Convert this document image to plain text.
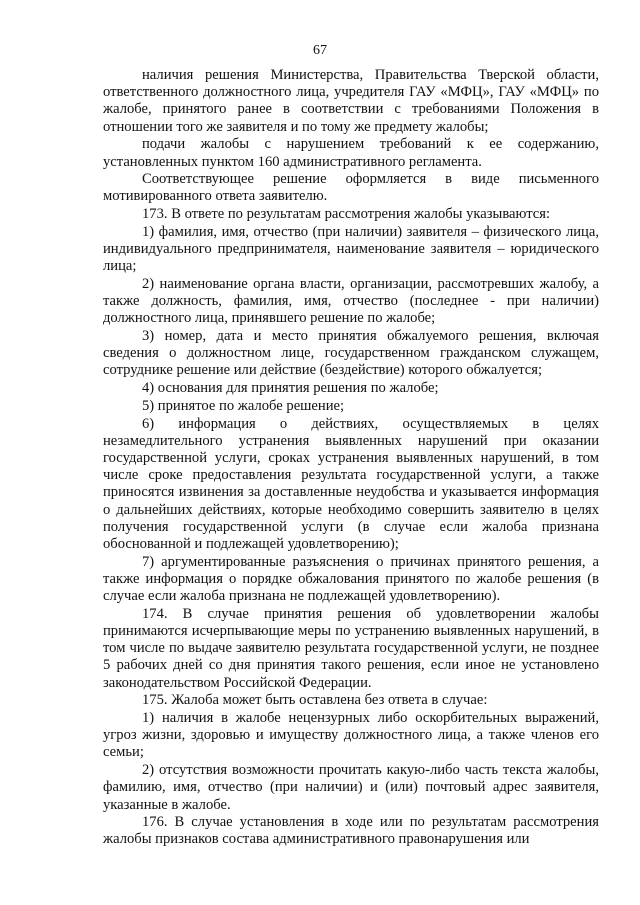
67

наличия решения Министерства, Правительства Тверской области, ответственного должностного лица, учредителя ГАУ «МФЦ», ГАУ «МФЦ» по жалобе, принятого ранее в соответствии с требованиями Положения в отношении того же заявителя и по тому же предмету жалобы;

подачи жалобы с нарушением требований к ее содержанию, установленных пунктом 160 административного регламента.

Соответствующее решение оформляется в виде письменного мотивированного ответа заявителю.

173. В ответе по результатам рассмотрения жалобы указываются:

1) фамилия, имя, отчество (при наличии) заявителя – физического лица, индивидуального предпринимателя, наименование заявителя – юридического лица;

2) наименование органа власти, организации, рассмотревших жалобу, а также должность, фамилия, имя, отчество (последнее - при наличии) должностного лица, принявшего решение по жалобе;

3) номер, дата и место принятия обжалуемого решения, включая сведения о должностном лице, государственном гражданском служащем, сотруднике решение или действие (бездействие) которого обжалуется;

4) основания для принятия решения по жалобе;

5) принятое по жалобе решение;

6) информация о действиях, осуществляемых в целях незамедлительного устранения выявленных нарушений при оказании государственной услуги, сроках устранения выявленных нарушений, в том числе сроке предоставления результата государственной услуги, а также приносятся извинения за доставленные неудобства и указывается информация о дальнейших действиях, которые необходимо совершить заявителю в целях получения государственной услуги (в случае если жалоба признана обоснованной и подлежащей удовлетворению);

7) аргументированные разъяснения о причинах принятого решения, а также информация о порядке обжалования принятого по жалобе решения (в случае если жалоба признана не подлежащей удовлетворению).

174. В случае принятия решения об удовлетворении жалобы принимаются исчерпывающие меры по устранению выявленных нарушений, в том числе по выдаче заявителю результата государственной услуги, не позднее 5 рабочих дней со дня принятия такого решения, если иное не установлено законодательством Российской Федерации.

175. Жалоба может быть оставлена без ответа в случае:

1) наличия в жалобе нецензурных либо оскорбительных выражений, угроз жизни, здоровью и имуществу должностного лица, а также членов его семьи;

2) отсутствия возможности прочитать какую-либо часть текста жалобы, фамилию, имя, отчество (при наличии) и (или) почтовый адрес заявителя, указанные в жалобе.

176. В случае установления в ходе или по результатам рассмотрения жалобы признаков состава административного правонарушения или
